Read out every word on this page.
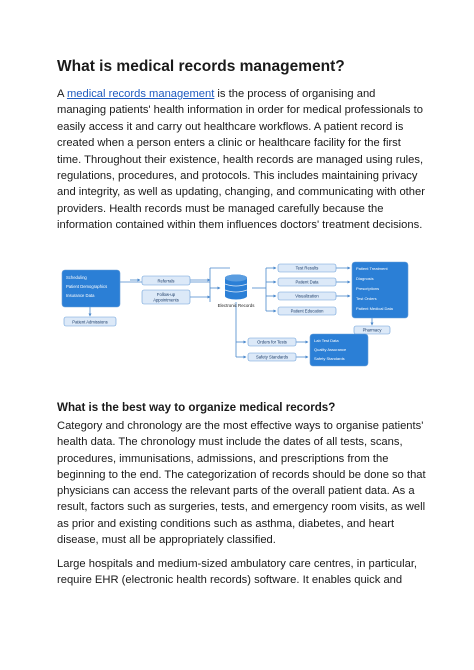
What is medical records management?

A medical records management is the process of organising and managing patients' health information in order for medical professionals to easily access it and carry out healthcare workflows. A patient record is created when a person enters a clinic or healthcare facility for the first time. Throughout their existence, health records are managed using rules, regulations, procedures, and protocols. This includes maintaining privacy and integrity, as well as updating, changing, and communicating with other providers. Health records must be managed carefully because the information contained within them influences doctors' treatment decisions.

Scheduling
Patient Demographics
Insurance Data
Patient Admissions
Referrals
Follow-up
Appointments
Electronic Records
Test Results
Patient Data
Visualization
Patient Education
Patient Treatment
Diagnosis
Prescriptions
Test Orders
Patient Medical Data
Pharmacy
Orders for Tests
Safety Standards
Lab Test Data
Quality Assurance
Safety Standards
What is the best way to organize medical records?

Category and chronology are the most effective ways to organise patients' health data. The chronology must include the dates of all tests, scans, procedures, immunisations, admissions, and prescriptions from the beginning to the end. The categorization of records should be done so that physicians can access the relevant parts of the overall patient data. As a result, factors such as surgeries, tests, and emergency room visits, as well as prior and existing conditions such as asthma, diabetes, and heart disease, must all be appropriately classified.

Large hospitals and medium-sized ambulatory care centres, in particular, require EHR (electronic health records) software. It enables quick and
